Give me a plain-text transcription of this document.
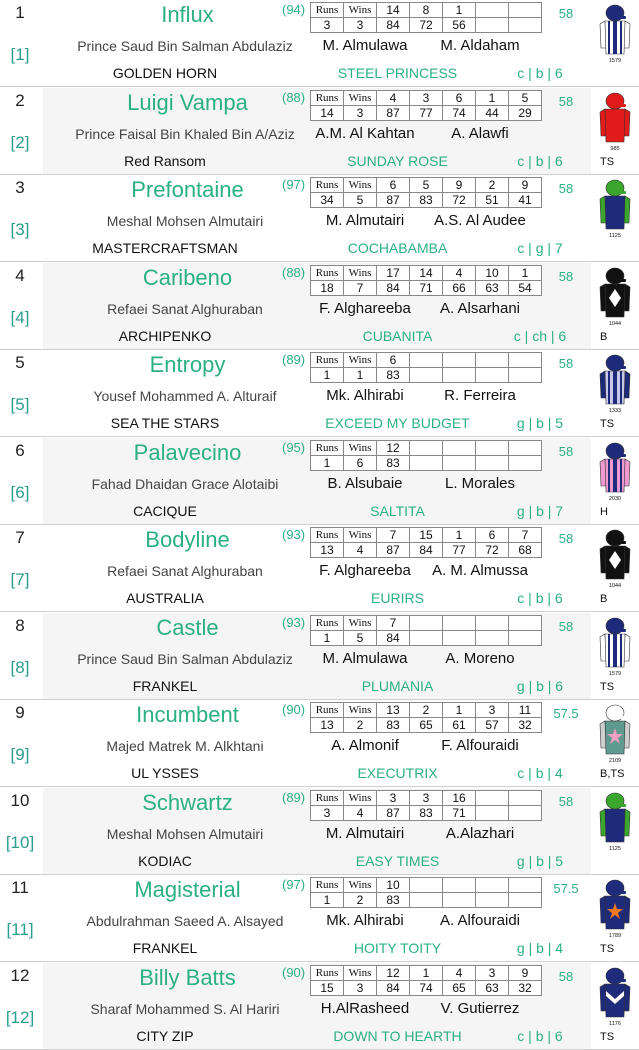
1
[1]
Influx	(94)
Prince Saud Bin Salman Abdulaziz	M. Almulawa	M. Aldaham
GOLDEN HORN	STEEL PRINCESS	c | b | 6
Runs	Wins	14	8	1		
3	3	84	72	56		
58
1579
2
[2]
Luigi Vampa	(88)
Prince Faisal Bin Khaled Bin A/Aziz	A.M. Al Kahtan	A. Alawfi
Red Ransom	SUNDAY ROSE	c | b | 6
Runs	Wins	4	3	6	1	5
14	3	87	77	74	44	29
58
985
TS
3
[3]
Prefontaine	(97)
Meshal Mohsen Almutairi	M. Almutairi	A.S. Al Audee
MASTERCRAFTSMAN	COCHABAMBA	c | g | 7
Runs	Wins	6	5	9	2	9
34	5	87	83	72	51	41
58
1125
4
[4]
Caribeno	(88)
Refaei Sanat Alghuraban	F. Alghareeba	A. Alsarhani
ARCHIPENKO	CUBANITA	c | ch | 6
Runs	Wins	17	14	4	10	1
18	7	84	71	66	63	54
58
1044
B
5
[5]
Entropy	(89)
Yousef Mohammed A. Alturaif	Mk. Alhirabi	R. Ferreira
SEA THE STARS	EXCEED MY BUDGET	g | b | 5
Runs	Wins	6				
1	1	83				
58
1333
TS
6
[6]
Palavecino	(95)
Fahad Dhaidan Grace Alotaibi	B. Alsubaie	L. Morales
CACIQUE	SALTITA	g | b | 7
Runs	Wins	12				
1	6	83				
58
2030
H
7
[7]
Bodyline	(93)
Refaei Sanat Alghuraban	F. Alghareeba	A. M. Almussa
AUSTRALIA	EURIRS	c | b | 6
Runs	Wins	7	15	1	6	7
13	4	87	84	77	72	68
58
1044
B
8
[8]
Castle	(93)
Prince Saud Bin Salman Abdulaziz	M. Almulawa	A. Moreno
FRANKEL	PLUMANIA	g | b | 6
Runs	Wins	7				
1	5	84				
58
1579
TS
9
[9]
Incumbent	(90)
Majed Matrek M. Alkhtani	A. Almonif	F. Alfouraidi
UL YSSES	EXECUTRIX	c | b | 4
Runs	Wins	13	2	1	3	11
13	2	83	65	61	57	32
57.5
2109
B,TS
10
[10]
Schwartz	(89)
Meshal Mohsen Almutairi	M. Almutairi	A.Alazhari
KODIAC	EASY TIMES	g | b | 5
Runs	Wins	3	3	16		
3	4	87	83	71		
58
1125
11
[11]
Magisterial	(97)
Abdulrahman Saeed A. Alsayed	Mk. Alhirabi	A. Alfouraidi
FRANKEL	HOITY TOITY	g | b | 4
Runs	Wins	10				
1	2	83				
57.5
1789
TS
12
[12]
Billy Batts	(90)
Sharaf Mohammed S. Al Hariri	H.AlRasheed	V. Gutierrez
CITY ZIP	DOWN TO HEARTH	c | b | 6
Runs	Wins	12	1	4	3	9
15	3	84	74	65	63	32
58
1176
TS
